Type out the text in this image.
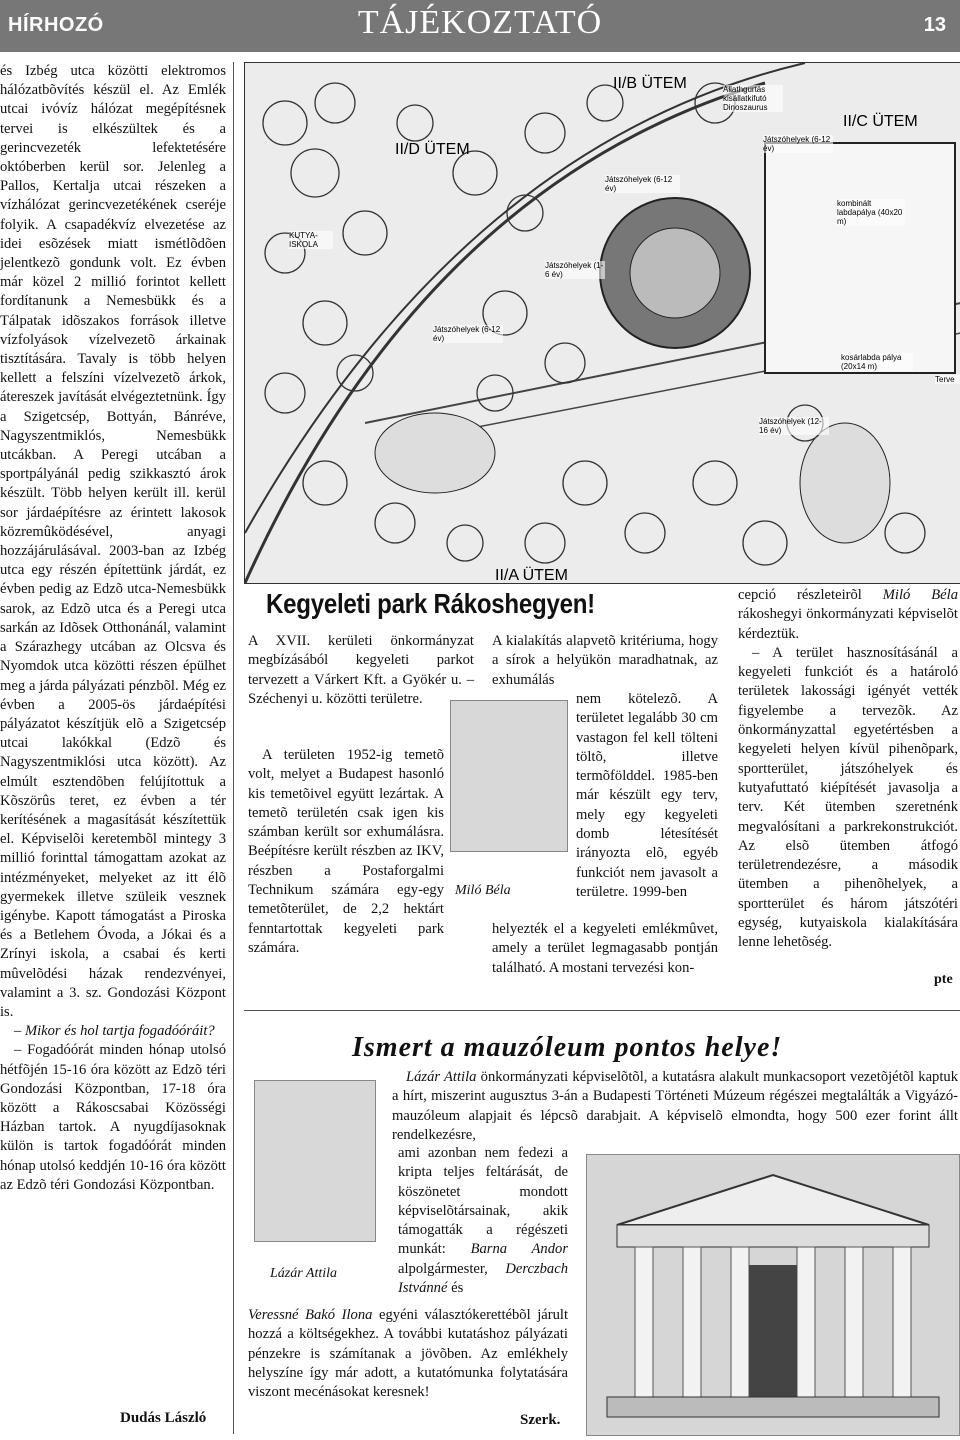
HÍRHOZÓ	TÁJÉKOZTATÓ	13

és Izbég utca közötti elektromos hálózatbõvítés készül el. Az Emlék utcai ivóvíz hálózat megépítésnek tervei is elkészültek és a gerincvezeték lefektetésére októberben kerül sor. Jelenleg a Pallos, Kertalja utcai részeken a vízhálózat gerincvezetékének cseréje folyik. A csapadékvíz elvezetése az idei esõzések miatt ismétlõdõen jelentkezõ gondunk volt. Ez évben már közel 2 millió forintot kellett fordítanunk a Nemesbükk és a Tálpatak idõszakos források illetve vízfolyások vízelvezetõ árkainak tisztítására. Tavaly is több helyen kellett a felszíni vízelvezetõ árkok, átereszek javítását elvégeztetnünk. Így a Szigetcsép, Bottyán, Bánréve, Nagyszentmiklós, Nemesbükk utcákban. A Peregi utcában a sportpályánál pedig szikkasztó árok készült. Több helyen került ill. kerül sor járdaépítésre az érintett lakosok közremûködésével, anyagi hozzájárulásával. 2003-ban az Izbég utca egy részén építettünk járdát, ez évben pedig az Edzõ utca-Nemesbükk sarok, az Edzõ utca és a Peregi utca sarkán az Idõsek Otthonánál, valamint a Szárazhegy utcában az Olcsva és Nyomdok utca közötti részen épülhet meg a járda pályázati pénzbõl. Még ez évben a 2005-ös járdaépítési pályázatot készítjük elõ a Szigetcsép utcai lakókkal (Edzõ és Nagyszentmiklósi utca között). Az elmúlt esztendõben felújítottuk a Kõszörûs teret, ez évben a tér kerítésének a magasítását készítettük el. Képviselõi keretembõl mintegy 3 millió forinttal támogattam azokat az intézményeket, melyeket az itt élõ gyermekek illetve szüleik vesznek igénybe. Kapott támogatást a Piroska és a Betlehem Óvoda, a Jókai és a Zrínyi iskola, a csabai és kerti mûvelõdési házak rendezvényei, valamint a 3. sz. Gondozási Központ is.

– Mikor és hol tartja fogadóóráit?

– Fogadóórát minden hónap utolsó hétfõjén 15-16 óra között az Edzõ téri Gondozási Központban, 17-18 óra között a Rákoscsabai Közösségi Házban tartok. A nyugdíjasoknak külön is tartok fogadóórát minden hónap utolsó keddjén 10-16 óra között az Edzõ téri Gondozási Központban.

Dudás László
II/B ÜTEM
II/C ÜTEM
II/D ÜTEM
II/A ÜTEM
Állathgurtás kisállatkifutó Dinoszaurus
Játszóhelyek (6-12 év)
Játszóhelyek (6-12 év)
kombinált labdapálya (40x20 m)
KUTYA-ISKOLA
Játszóhelyek (1-6 év)
Játszóhelyek (6-12 év)
kosárlabda pálya (20x14 m)
Terve
Játszóhelyek (12-16 év)
Kegyeleti park Rákoshegyen!

A XVII. kerületi önkormányzat megbízásából kegyeleti parkot tervezett a Várkert Kft. a Gyökér u. – Széchenyi u. közötti területre.

A területen 1952-ig temetõ volt, melyet a Budapest hasonló kis temetõivel együtt lezártak. A temetõ területén csak igen kis számban került sor exhumálásra. Beépítésre került részben az IKV, részben a Postaforgalmi Technikum számára egy-egy temetõterület, de 2,2 hektárt fenntartottak kegyeleti park számára.

A kialakítás alapvetõ kritériuma, hogy a sírok a helyükön maradhatnak, az exhumálás

nem kötelezõ. A területet legalább 30 cm vastagon fel kell tölteni töltõ, illetve termõfölddel. 1985-ben már készült egy terv, mely egy kegyeleti domb létesítését irányozta elõ, egyéb funkciót nem javasolt a területre. 1999-ben

helyezték el a kegyeleti emlékmûvet, amely a terület legmagasabb pontján található. A mostani tervezési kon-

Miló Béla

cepció részleteirõl Miló Béla rákoshegyi önkormányzati képviselõt kérdeztük.

– A terület hasznosításánál a kegyeleti funkciót és a határoló területek lakossági igényét vették figyelembe a tervezõk. Az önkormányzattal egyetértésben a kegyeleti helyen kívül pihenõpark, sportterület, játszóhelyek és kutyafuttató kiépítését javasolja a terv. Két ütemben szeretnénk megvalósítani a parkrekonstrukciót. Az elsõ ütemben átfogó területrendezésre, a második ütemben a pihenõhelyek, a sportterület és három játszótéri egység, kutyaiskola kialakítására lenne lehetõség.

pte
Ismert a mauzóleum pontos helye!

Lázár Attila önkormányzati képviselõtõl, a kutatásra alakult munkacsoport vezetõjétõl kaptuk a hírt, miszerint augusztus 3-án a Budapesti Történeti Múzeum régészei megtalálták a Vigyázó-mauzóleum alapjait és lépcsõ darabjait. A képviselõ elmondta, hogy 500 ezer forint állt rendelkezésre,

ami azonban nem fedezi a kripta teljes feltárását, de köszönetet mondott képviselõtársainak, akik támogatták a régészeti munkát: Barna Andor alpolgármester, Derczbach Istvánné és

Veressné Bakó Ilona egyéni választókerettébõl járult hozzá a költségekhez. A további kutatáshoz pályázati pénzekre is számítanak a jövõben. Az emlékhely helyszíne így már adott, a kutatómunka folytatására viszont mecénásokat keresnek!

Lázár Attila
Szerk.
